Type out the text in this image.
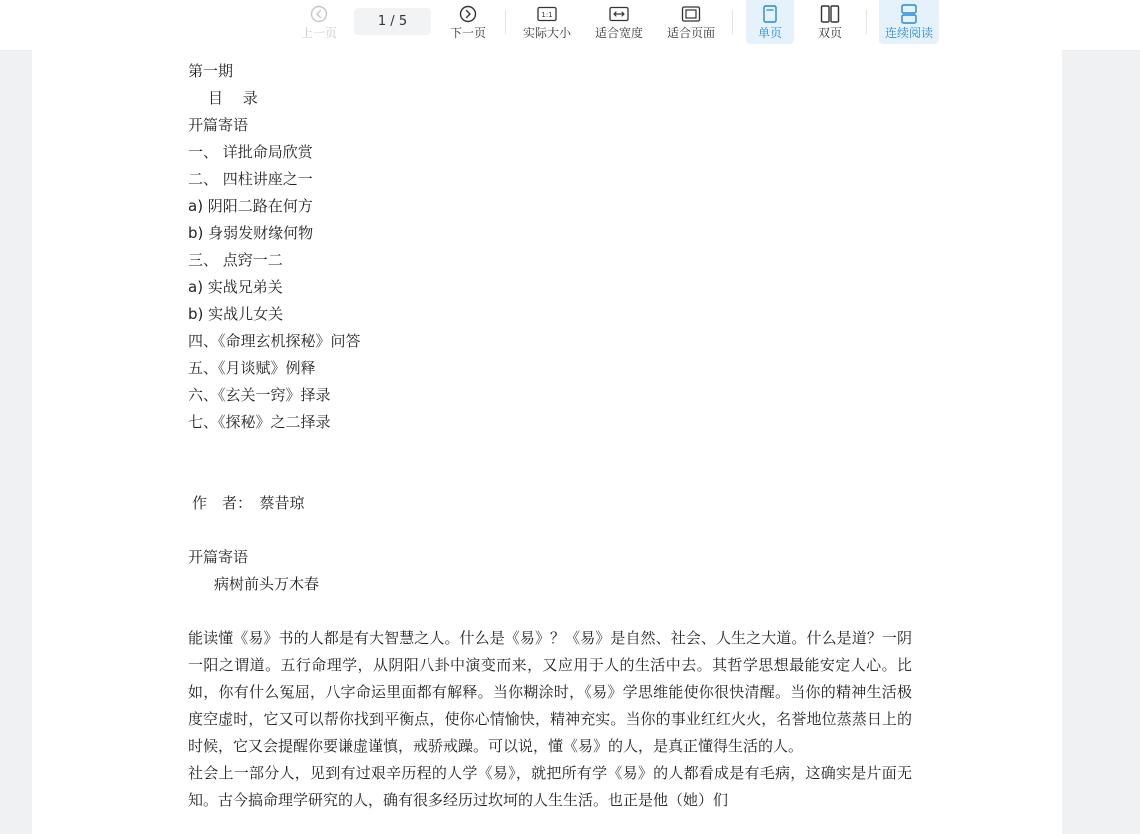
上一页
1 / 5
下一页
1:1
实际大小 适合宽度 适合页面	单页	双页	连续阅读
第一期
目　 录
开篇寄语
一、 详批命局欣赏
二、 四柱讲座之一
a) 阴阳二路在何方
b) 身弱发财缘何物
三、 点窍一二
a) 实战兄弟关
b) 实战儿女关
四、《命理玄机探秘》问答
五、《月谈赋》例释
六、《玄关一窍》择录
七、《探秘》之二择录
作　者：　蔡昔琼
开篇寄语
病树前头万木春
能读懂《易》书的人都是有大智慧之人。什么是《易》？《易》是自然、社会、人生之大道。什么是道？一阴一阳之谓道。五行命理学，从阴阳八卦中演变而来，又应用于人的生活中去。其哲学思想最能安定人心。比如，你有什么冤屈，八字命运里面都有解释。当你糊涂时，《易》学思维能使你很快清醒。当你的精神生活极度空虚时，它又可以帮你找到平衡点，使你心情愉快，精神充实。当你的事业红红火火，名誉地位蒸蒸日上的时候，它又会提醒你要谦虚谨慎，戒骄戒躁。可以说，懂《易》的人，是真正懂得生活的人。
社会上一部分人，见到有过艰辛历程的人学《易》，就把所有学《易》的人都看成是有毛病，这确实是片面无知。古今搞命理学研究的人，确有很多经历过坎坷的人生生活。也正是他（她）们
